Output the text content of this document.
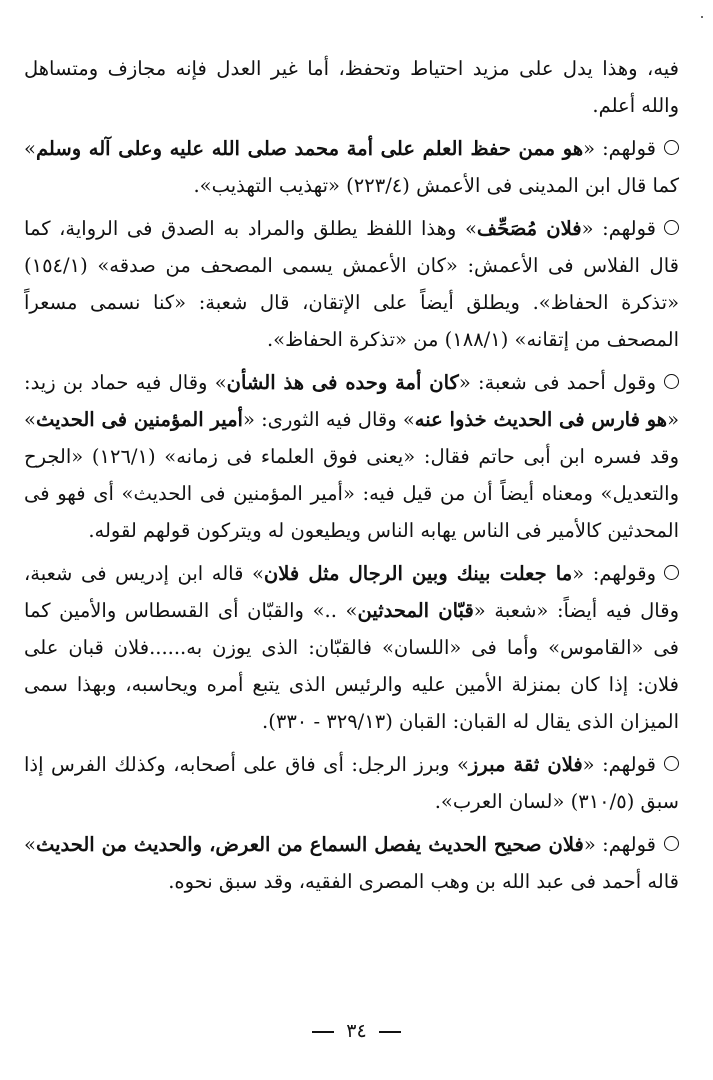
فيه، وهذا يدل على مزيد احتياط وتحفظ، أما غير العدل فإنه مجازف ومتساهل والله أعلم.

قولهم: «هو ممن حفظ العلم على أمة محمد صلى الله عليه وعلى آله وسلم» كما قال ابن المدينى فى الأعمش (٢٢٣/٤) «تهذيب التهذيب».

قولهم: «فلان مُصَحِّف» وهذا اللفظ يطلق والمراد به الصدق فى الرواية، كما قال الفلاس فى الأعمش: «كان الأعمش يسمى المصحف من صدقه» (١٥٤/١) «تذكرة الحفاظ». ويطلق أيضاً على الإتقان، قال شعبة: «كنا نسمى مسعراً المصحف من إتقانه» (١٨٨/١) من «تذكرة الحفاظ».

وقول أحمد فى شعبة: «كان أمة وحده فى هذ الشأن» وقال فيه حماد بن زيد: «هو فارس فى الحديث خذوا عنه» وقال فيه الثورى: «أمير المؤمنين فى الحديث» وقد فسره ابن أبى حاتم فقال: «يعنى فوق العلماء فى زمانه» (١٢٦/١) «الجرح والتعديل» ومعناه أيضاً أن من قيل فيه: «أمير المؤمنين فى الحديث» أى فهو فى المحدثين كالأمير فى الناس يهابه الناس ويطيعون له ويتركون قولهم لقوله.

وقولهم: «ما جعلت بينك وبين الرجال مثل فلان» قاله ابن إدريس فى شعبة، وقال فيه أيضاً: «شعبة «قبّان المحدثين» ..» والقبّان أى القسطاس والأمين كما فى «القاموس» وأما فى «اللسان» فالقبّان: الذى يوزن به......فلان قبان على فلان: إذا كان بمنزلة الأمين عليه والرئيس الذى يتبع أمره ويحاسبه، وبهذا سمى الميزان الذى يقال له القبان: القبان (٣٢٩/١٣ - ٣٣٠).

قولهم: «فلان ثقة مبرز» وبرز الرجل: أى فاق على أصحابه، وكذلك الفرس إذا سبق (٣١٠/٥) «لسان العرب».

قولهم: «فلان صحيح الحديث يفصل السماع من العرض، والحديث من الحديث» قاله أحمد فى عبد الله بن وهب المصرى الفقيه، وقد سبق نحوه.

٣٤
